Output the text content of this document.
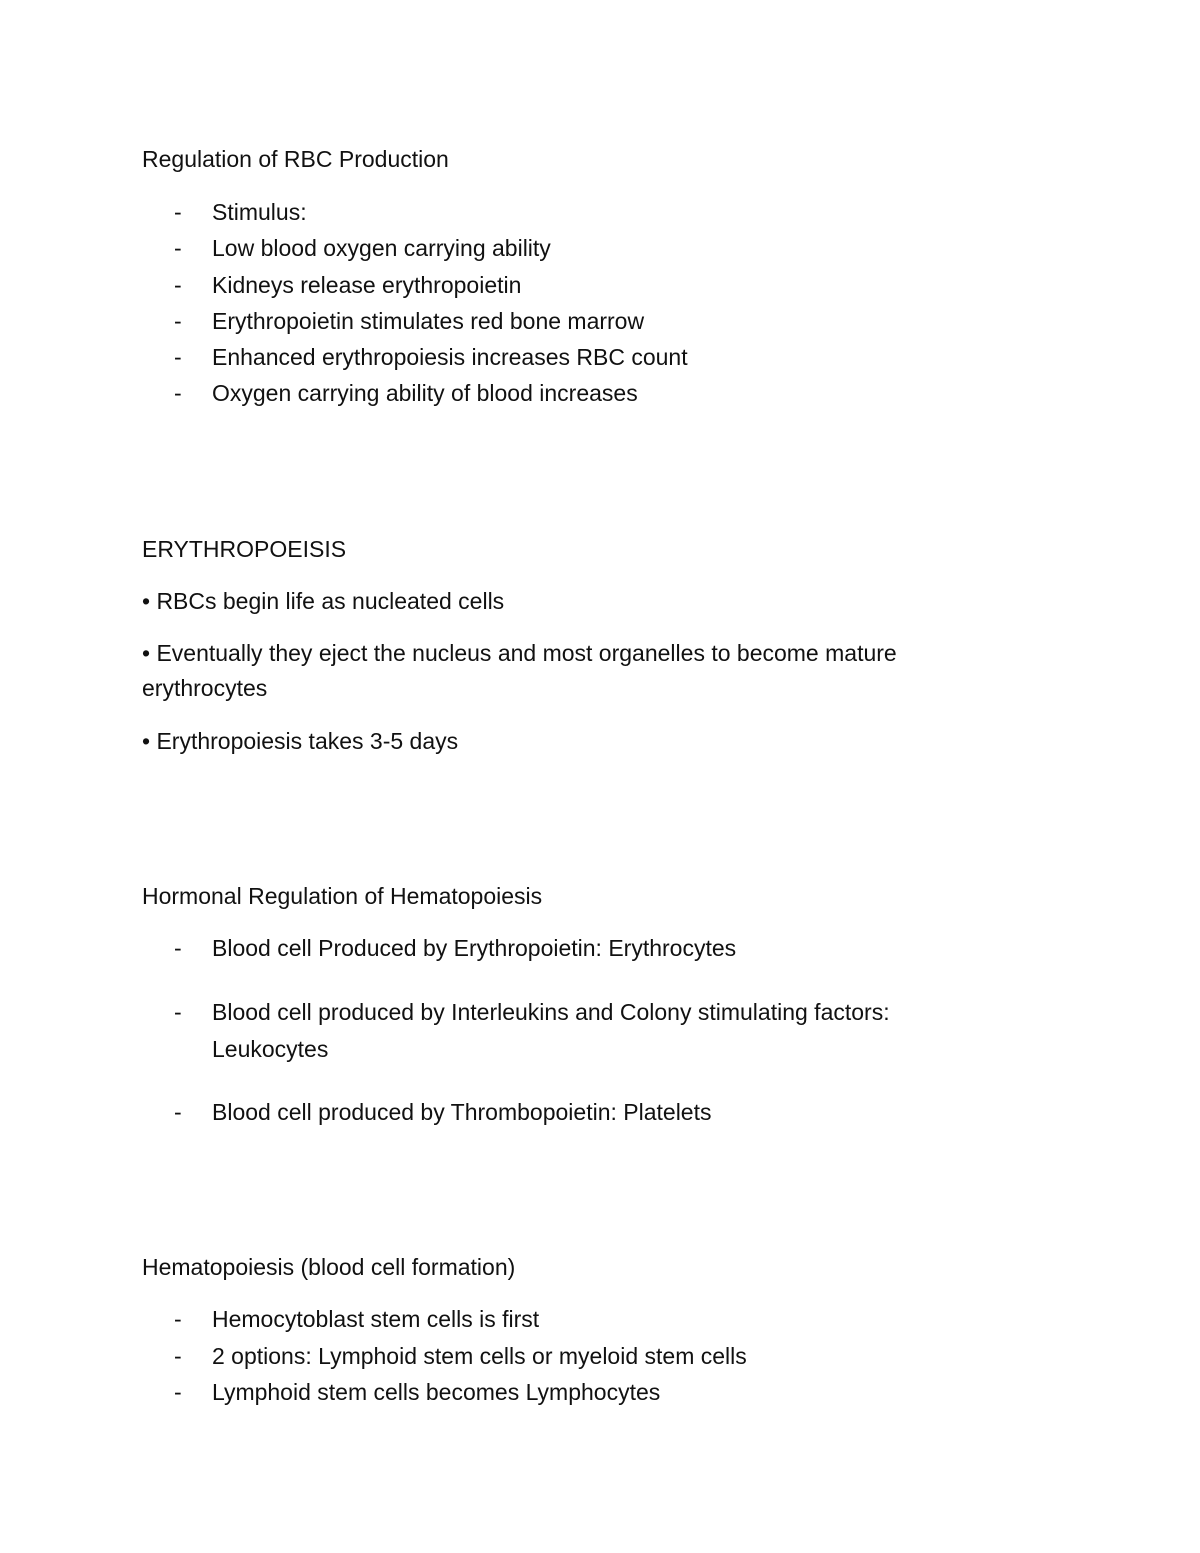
Regulation of RBC Production

-	Stimulus:

-	Low blood oxygen carrying ability

-	Kidneys release erythropoietin

-	Erythropoietin stimulates red bone marrow

-	Enhanced erythropoiesis increases RBC count

-	Oxygen carrying ability of blood increases

ERYTHROPOEISIS

• RBCs begin life as nucleated cells

• Eventually they eject the nucleus and most organelles to become mature

erythrocytes

• Erythropoiesis takes 3-5 days

Hormonal Regulation of Hematopoiesis

-	Blood cell Produced by Erythropoietin: Erythrocytes

-	Blood cell produced by Interleukins and Colony stimulating factors:

Leukocytes

-	Blood cell produced by Thrombopoietin: Platelets

Hematopoiesis (blood cell formation)

-	Hemocytoblast stem cells is first

-	2 options: Lymphoid stem cells or myeloid stem cells

-	Lymphoid stem cells becomes Lymphocytes
